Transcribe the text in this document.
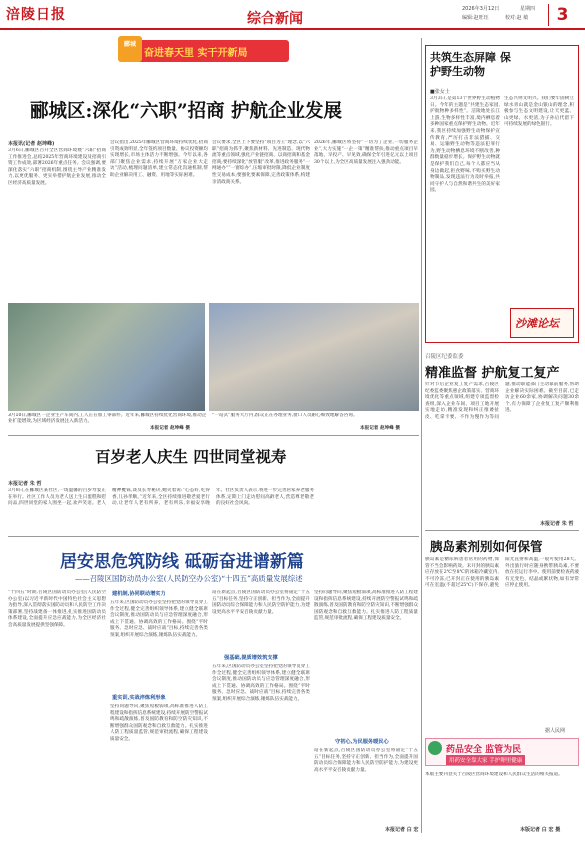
涪陵日报	综合新闻
2026年3月12日	星期四
编辑:赵旺珏	校对:赵 敏	3
郦城
奋进春天里 实干开新局
郦城区:深化“六职”招商 护航企业发展
本报讯(记者 赵坤峰)
3月6日,郦城区召开全区营商环境暨“六职”招商工作推进会,总结2025年营商环境建设及招商引资工作成效,部署2026年重点任务。会议强调,要深化落实“六职”招商机制,围绕主导产业精准发力,以更优服务、更实举措护航企业发展,推动全区经济高质量发展。
会议指出,2025年郦城区营商环境持续优化,招商引资成效明显,全年签约项目数量、协议投资额均实现增长,市场主体活力不断增强。今年以来,各部门聚焦企业需求,持续开展“万家企业大走访”活动,梳理问题清单,建立常态化沟通机制,帮助企业解决用工、融资、用地等实际困难。
会议要求,全区上下要坚持“项目为王”理念,以“六职”招商为抓手,聚焦新材料、先进制造、现代物流等重点领域,强化产业链招商、以商招商和基金招商;要持续深化“放管服”改革,推进政务服务“一网通办”“一窗综办”,压缩审批时限,降低企业制度性交易成本;要强化要素保障,完善政策体系,构建亲清政商关系。
2026年,郦城区将坚持“一切为了企业,一切服务企业”,大力实施“一企一策”精准帮扶,推动重点项目早落地、早投产、早见效,确保全年引进亿元以上项目30个以上,为全区高质量发展注入强劲动能。
3月10日,郦城区一企业生产车间内,工人正在加工零部件。近年来,郦城区持续优化营商环境,推动企业扩能增效,为区域经济发展注入新活力。
本报记者 赵坤峰 摄
“一站式”服务大厅内,群众正在办理业务,窗口人员耐心细致地解答咨询。
本报记者 赵坤峰 摄
百岁老人庆生 四世同堂视寿
本报记者 朱 哲
3月8日,在郦城区某社区,一场温馨的百岁寿宴正在举行。社区工作人员为老人送上生日蛋糕和慰问品,四世同堂的家人围坐一起,欢声笑语。老人精神矍铄,谈及长寿秘诀,她笑着说:“心态好,吃得香,儿孙孝顺。”近年来,全区持续推进敬老爱老行动,让老年人老有所养、老有所乐,幸福安享晚年。社区负责人表示,将进一步完善居家养老服务体系,定期上门走访慰问高龄老人,营造尊老敬老的良好社会风尚。
居安思危筑防线 砥砺奋进谱新篇
——召陵区国防动员办公室(人民防空办公室)“十四五”高质量发展综述
“十四五”时期,召陵区国防动员办公室(人民防空办公室)以习近平新时代中国特色社会主义思想为指导,深入贯彻落实国防动员和人民防空工作决策部署,坚持战建备一体推进,扎实推进国防动员体系建设,全面提升应急应战能力,为全区经济社会高质量发展提供坚强保障。
建机制,协同联动增实力
五年来,区国防动员办公室坚持把党的领导贯穿工作全过程,健全完善组织领导体系,建立健全联席会议制度,推动国防动员与应急管理深度融合,形成上下贯通、协调高效的工作格局。围绕“平时服务、急时应急、战时应战”目标,持续完善各类预案,组织开展综合演练,锤炼队伍实战能力。
重实训,实战淬炼利形象
坚持问题导向,聚焦短板弱项,高标准推进人防工程建设和指挥信息系统建设,持续开展防空警报试鸣和疏散演练,普及国防教育和防空防灾知识,不断增强群众国防观念和自救互救能力。扎实推进人防工程质量监管,规范审批流程,确保工程建设质量安全。
强基础,提质增效筑支撑
站在新起点,召陵区国防动员办公室将锚定“十五五”目标任务,坚持守正创新、担当作为,全面提升国防动员综合保障能力和人民防空防护能力,为建设更高水平平安召陵贡献力量。
五年来,区国防动员办公室坚持把党的领导贯穿工作全过程,健全完善组织领导体系,建立健全联席会议制度,推动国防动员与应急管理深度融合,形成上下贯通、协调高效的工作格局。围绕“平时服务、急时应急、战时应战”目标,持续完善各类预案,组织开展综合演练,锤炼队伍实战能力。
守初心,为民服务暖民心
坚持问题导向,聚焦短板弱项,高标准推进人防工程建设和指挥信息系统建设,持续开展防空警报试鸣和疏散演练,普及国防教育和防空防灾知识,不断增强群众国防观念和自救互救能力。扎实推进人防工程质量监管,规范审批流程,确保工程建设质量安全。
站在新起点,召陵区国防动员办公室将锚定“十五五”目标任务,坚持守正创新、担当作为,全面提升国防动员综合保障能力和人民防空防护能力,为建设更高水平平安召陵贡献力量。
本报记者 白 宏
共筑生态屏障 保护野生动物
■张女士
3月3日,是第13个世界野生动植物日。今年的主题是“共建生态家园,护航物种多样性”。涪陵地处长江上游,生物多样性丰富,境内栖息着多种国家重点保护野生动物。近年来,我区持续加强野生动物保护宣传教育,严厉打击非法猎捕、交易、运输野生动物等违法犯罪行为,野生动物栖息环境不断改善,种群数量稳步增长。保护野生动物就是保护我们自己,每个人都应当从身边做起,拒食野味,不购买野生动物制品,发现违法行为及时举报,共同守护人与自然和谐共生的美好家园。
生态兴则文明兴。我们要牢固树立绿水青山就是金山银山的理念,积极参与生态文明建设,让天更蓝、山更绿、水更清,为子孙后代留下可持续发展的绿色银行。
沙滩论坛
召陵区纪委监委
精准监督 护航复工复产
针对节后企业复工复产需求,召陵区纪委监委聚焦惠企政策落实、营商环境优化等重点领域,组建专项监督检查组,深入企业车间、项目工地开展实地走访,精准发现和纠正推诿扯皮、吃拿卡要、不作为慢作为等问题,推动职能部门主动靠前服务,帮助企业解决实际困难。截至目前,已走访企业60余家,协调解决问题30余个,有力保障了企业复工复产顺利推进。
本报记者 朱 哲
胰岛素剂别如何保管
胰岛素是糖尿病患者常用的药物,保管不当会影响药效。未开封的胰岛素应存放在2℃至8℃的冰箱冷藏室内,不可冷冻;已开封正在使用的胰岛素可在室温(不超过25℃)下保存,避免阳光直射和高温,一般可使用28天。外出旅行时应随身携带胰岛素,不要放在托运行李中。使用前要检查药液有无变色、结晶或絮状物,如有异常应停止使用。
据人民网
药品安全 监管为民
用药安全靠大家 手护卵里健康
本版主要刊登关于召陵区营商环境建设和人民群众生活的相关报道。
本版记者 白 宏 摄
